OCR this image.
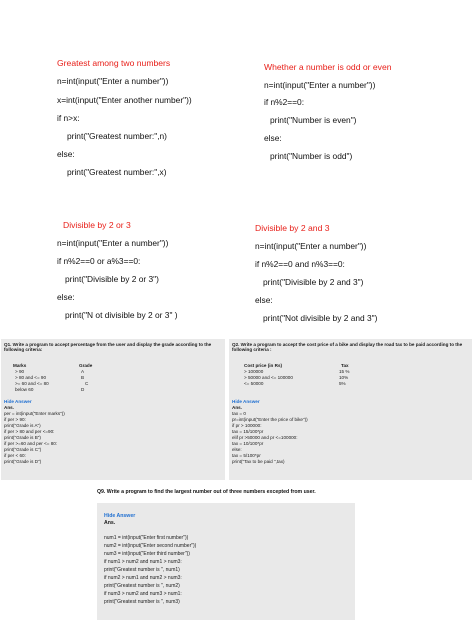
Greatest among two numbers
n=int(input("Enter a number"))
x=int(input("Enter another number"))
if n>x:
print("Greatest number:",n)
else:
print("Greatest number:",x)
Whether a number is odd or even
n=int(input("Enter a number"))
if n%2==0:
print("Number is even")
else:
print("Number is odd")
Divisible by 2 or 3
n=int(input("Enter a number"))
if n%2==0 or a%3==0:
print("Divisible by 2 or 3")
else:
print("N ot divisible by 2 or 3" )
Divisible by 2 and 3
n=int(input("Enter a number"))
if n%2==0 and n%3==0:
print("Divisible by 2 and 3")
else:
print("Not divisible by 2 and 3")
Q1. Write a program to accept percentage from the user and display the grade according to the following criteria:
Marks	Grade
> 90	A
> 80 and <= 90	B
>= 60 and <= 80	C
below 60	D
Hide Answer
Ans.
per = int(input("Enter marks"))
if per > 90:
print("Grade is A")
if per > 80 and per <=90:
print("Grade is B")
if per >=60 and per <= 80:
print("Grade is C")
if per < 60:
print("Grade is D")
Q2. Write a program to accept the cost price of a bike and display the road tax to be paid according to the following criteria :
Cost price (in Rs)	Tax
> 100000	15 %
> 50000 and <= 100000	10%
<= 50000	5%
Hide Answer
Ans.
tax = 0
pr=int(input("Enter the price of bike"))
if pr > 100000:
tax = 15/100*pr
elif pr >50000 and pr <=100000:
tax = 10/100*pr
else:
tax = 5/100*pr
print("Tax to be paid ",tax)
Q9. Write a program to find the largest number out of three numbers excepted from user.
Hide Answer
Ans.
num1 = int(input("Enter first number"))
num2 = int(input("Enter second number"))
num3 = int(input("Enter third number"))
if num1 > num2 and num1 > num3:
print("Greatest number is ", num1)
if num2 > num1 and num2 > num3:
print("Greatest number is ", num2)
if num3 > num2 and num3 > num1:
print("Greatest number is ", num3)
